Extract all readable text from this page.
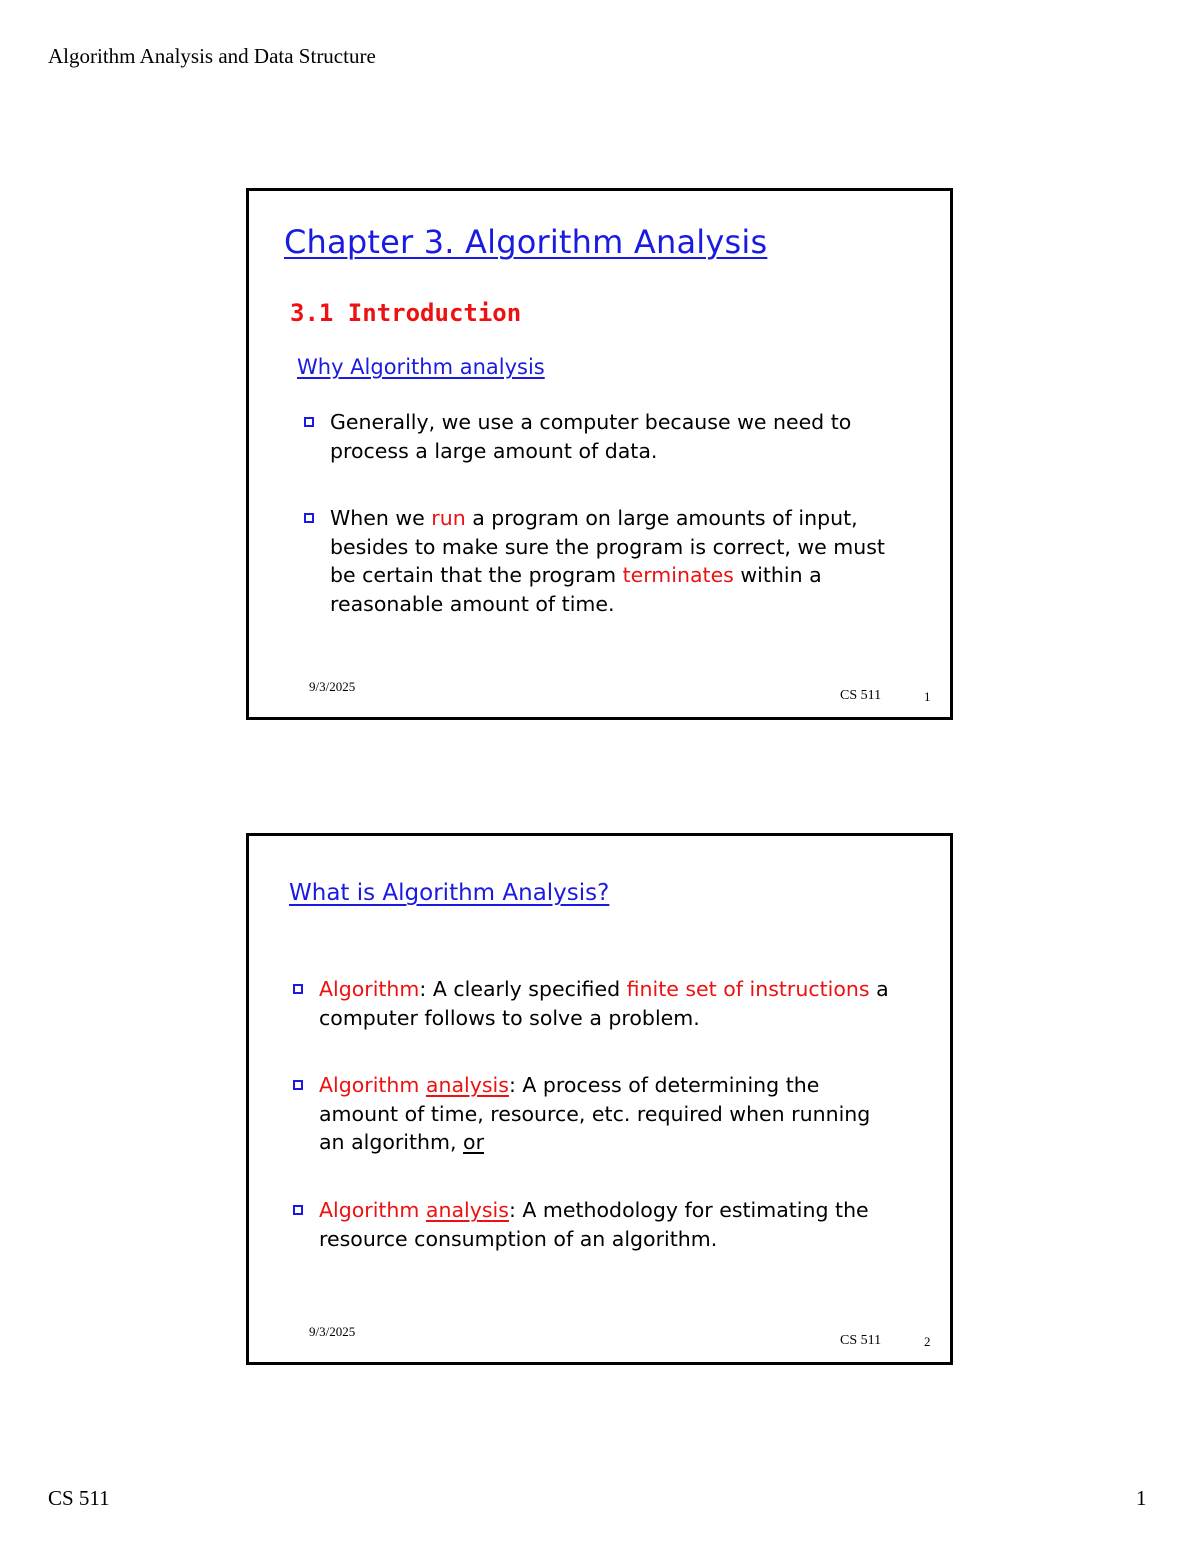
Algorithm Analysis and Data Structure
Chapter 3. Algorithm Analysis
3.1 Introduction
Why Algorithm analysis
Generally, we use a computer because we need to process a large amount of data.
When we run a program on large amounts of input, besides to make sure the program is correct, we must be certain that the program terminates within a reasonable amount of time.
9/3/2025
CS 511	1
What is Algorithm Analysis?
Algorithm: A clearly specified finite set of instructions a computer follows to solve a problem.
Algorithm analysis: A process of determining the amount of time, resource, etc. required when running an algorithm, or
Algorithm analysis: A methodology for estimating the resource consumption of an algorithm.
9/3/2025
CS 511	2
CS 511	1
